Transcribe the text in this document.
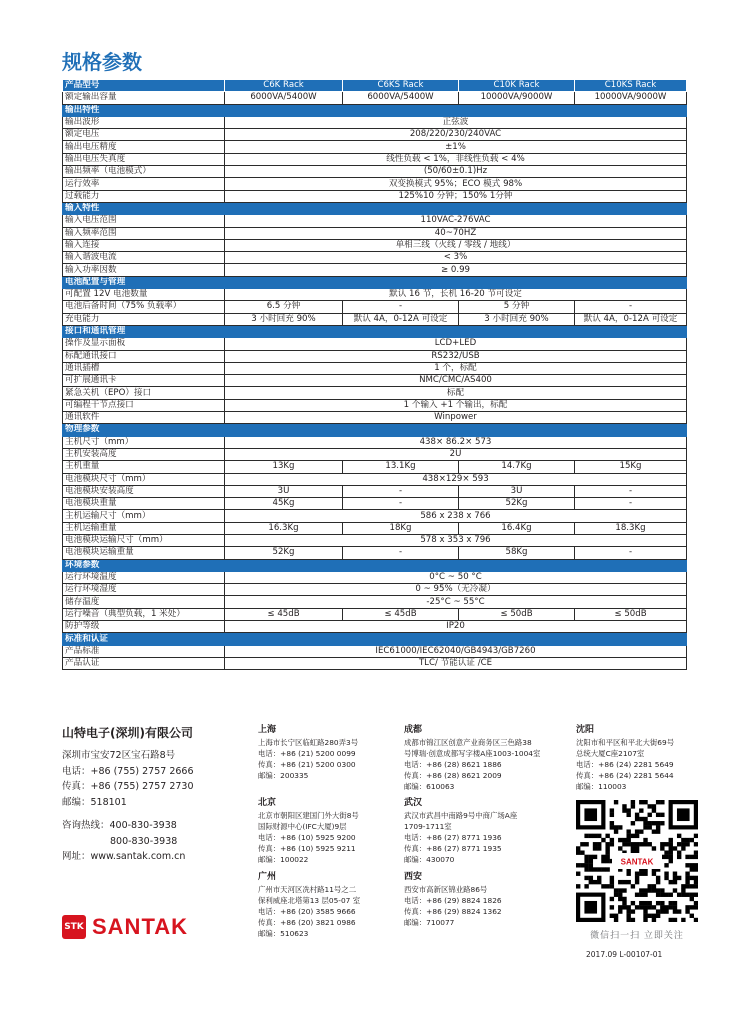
规格参数
产品型号	C6K Rack	C6KS Rack	C10K Rack	C10KS Rack
额定输出容量	6000VA/5400W	6000VA/5400W	10000VA/9000W	10000VA/9000W
输出特性				
输出波形	正弦波			
额定电压	208/220/230/240VAC			
输出电压精度	±1%			
输出电压失真度	线性负载 < 1%，非线性负载 < 4%			
输出频率（电池模式）	(50/60±0.1)Hz			
运行效率	双变换模式 95%；ECO 模式 98%			
过载能力	125%10 分钟；150% 1分钟			
输入特性				
输入电压范围	110VAC-276VAC			
输入频率范围	40~70HZ			
输入连接	单相三线（火线 / 零线 / 地线）			
输入谐波电流	< 3%			
输入功率因数	≥ 0.99			
电池配置与管理				
可配置 12V 电池数量	默认 16 节，长机 16-20 节可设定			
电池后备时间（75% 负载率）	6.5 分钟	-	5 分钟	-
充电能力	3 小时回充 90%	默认 4A，0-12A 可设定	3 小时回充 90%	默认 4A，0-12A 可设定
接口和通讯管理				
操作及显示面板	LCD+LED			
标配通讯接口	RS232/USB			
通讯插槽	1 个，标配			
可扩展通讯卡	NMC/CMC/AS400			
紧急关机（EPO）接口	标配			
可编程干节点接口	1 个输入 +1 个输出，标配			
通讯软件	Winpower			
物理参数				
主机尺寸（mm）	438× 86.2× 573			
主机安装高度	2U			
主机重量	13Kg	13.1Kg	14.7Kg	15Kg
电池模块尺寸（mm）	438×129× 593			
电池模块安装高度	3U	-	3U	-
电池模块重量	45Kg	-	52Kg	-
主机运输尺寸（mm）	586 x 238 x 766			
主机运输重量	16.3Kg	18Kg	16.4Kg	18.3Kg
电池模块运输尺寸（mm）	578 x 353 x 796			
电池模块运输重量	52Kg	-	58Kg	-
环境参数				
运行环境温度	0°C ~ 50 °C			
运行环境湿度	0 ~ 95%（无冷凝）			
储存温度	-25°C ~ 55°C			
运行噪音（典型负载，1 米处）	≤ 45dB	≤ 45dB	≤ 50dB	≤ 50dB
防护等级	IP20			
标准和认证				
产品标准	IEC61000/IEC62040/GB4943/GB7260			
产品认证	TLC/ 节能认证 /CE			
山特电子(深圳)有限公司
深圳市宝安72区宝石路8号
电话：+86 (755) 2757 2666
传真：+86 (755) 2757 2730
邮编：518101
咨询热线：400-830-3938
800-830-3938
网址：www.santak.com.cn
上海
上海市长宁区临虹路280弄3号
电话：+86 (21) 5200 0099
传真：+86 (21) 5200 0300
邮编：200335
北京
北京市朝阳区建国门外大街8号
国际财源中心(IFC大厦)9层
电话：+86 (10) 5925 9200
传真：+86 (10) 5925 9211
邮编：100022
广州
广州市天河区冼村路11号之二
保利威座北塔第13 层05-07 室
电话：+86 (20) 3585 9666
传真：+86 (20) 3821 0986
邮编：510623
成都
成都市锦江区创意产业商务区三色路38
号博瑞·创意成都写字楼A座1003-1004室
电话：+86 (28) 8621 1886
传真：+86 (28) 8621 2009
邮编：610063
武汉
武汉市武昌中南路9号中商广场A座
1709-1711室
电话：+86 (27) 8771 1936
传真：+86 (27) 8771 1935
邮编：430070
西安
西安市高新区锦业路86号
电话：+86 (29) 8824 1826
传真：+86 (29) 8824 1362
邮编：710077
沈阳
沈阳市和平区和平北大街69号
总统大厦C座2107室
电话：+86 (24) 2281 5649
传真：+86 (24) 2281 5644
邮编：110003
STK SANTAK
SANTAK
微信扫一扫 立即关注
2017.09 L-00107-01
